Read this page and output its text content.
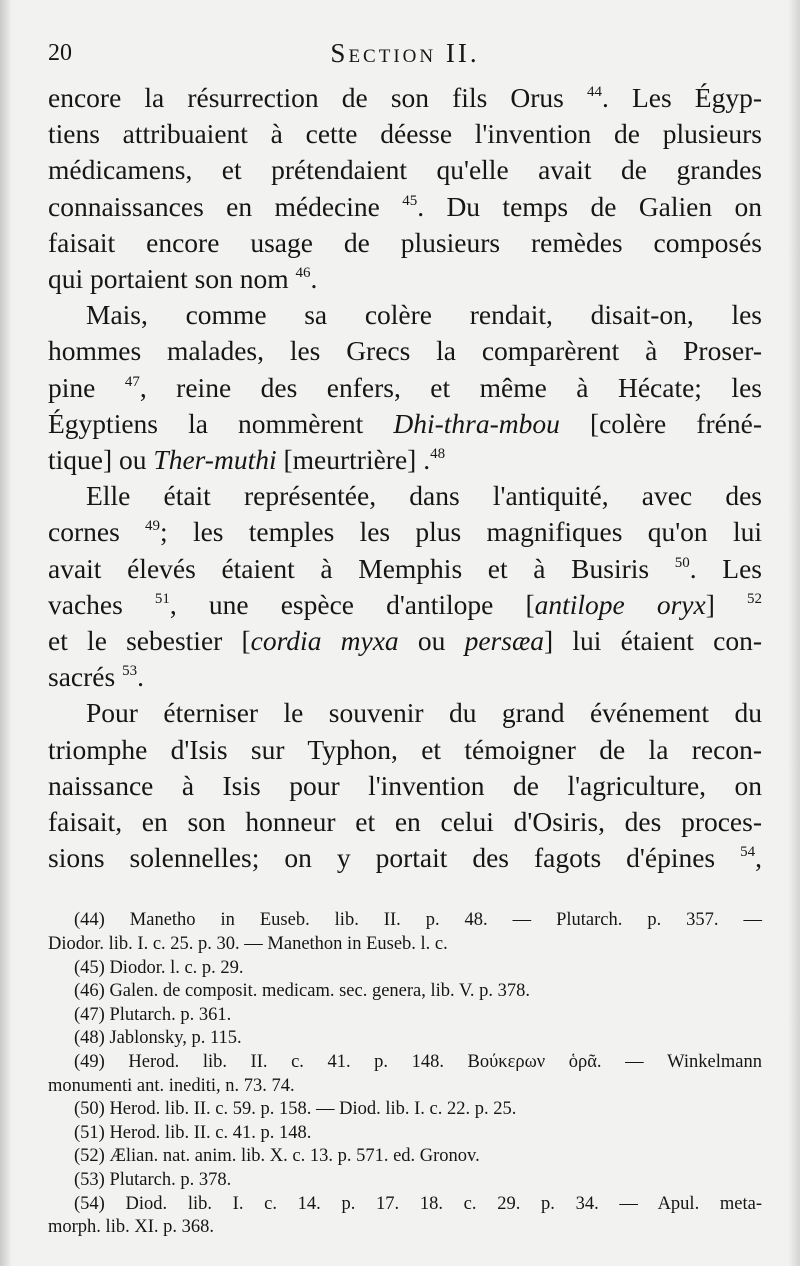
20	Section II.
encore la résurrection de son fils Orus $^{44}$. Les Égyp-
tiens attribuaient à cette déesse l'invention de plusieurs
médicamens, et prétendaient qu'elle avait de grandes
connaissances en médecine $^{45}$. Du temps de Galien on
faisait encore usage de plusieurs remèdes composés
qui portaient son nom $^{46}$.
Mais, comme sa colère rendait, disait-on, les
hommes malades, les Grecs la comparèrent à Proser-
pine $^{47}$, reine des enfers, et même à Hécate; les
Égyptiens la nommèrent Dhi-thra-mbou [colère fréné-
tique] ou Ther-muthi [meurtrière] .$^{48}$
Elle était représentée, dans l'antiquité, avec des
cornes $^{49}$; les temples les plus magnifiques qu'on lui
avait élevés étaient à Memphis et à Busiris $^{50}$. Les
vaches $^{51}$, une espèce d'antilope [antilope oryx] $^{52}$
et le sebestier [cordia myxa ou persæa] lui étaient con-
sacrés $^{53}$.
Pour éterniser le souvenir du grand événement du
triomphe d'Isis sur Typhon, et témoigner de la recon-
naissance à Isis pour l'invention de l'agriculture, on
faisait, en son honneur et en celui d'Osiris, des proces-
sions solennelles; on y portait des fagots d'épines $^{54}$,
(44) Manetho in Euseb. lib. II. p. 48. — Plutarch. p. 357. —
Diodor. lib. I. c. 25. p. 30. — Manethon in Euseb. l. c.
(45) Diodor. l. c. p. 29.
(46) Galen. de composit. medicam. sec. genera, lib. V. p. 378.
(47) Plutarch. p. 361.
(48) Jablonsky, p. 115.
(49) Herod. lib. II. c. 41. p. 148. Βούκερων ὁρᾶ. — Winkelmann
monumenti ant. inediti, n. 73. 74.
(50) Herod. lib. II. c. 59. p. 158. — Diod. lib. I. c. 22. p. 25.
(51) Herod. lib. II. c. 41. p. 148.
(52) Ælian. nat. anim. lib. X. c. 13. p. 571. ed. Gronov.
(53) Plutarch. p. 378.
(54) Diod. lib. I. c. 14. p. 17. 18. c. 29. p. 34. — Apul. meta-
morph. lib. XI. p. 368.
